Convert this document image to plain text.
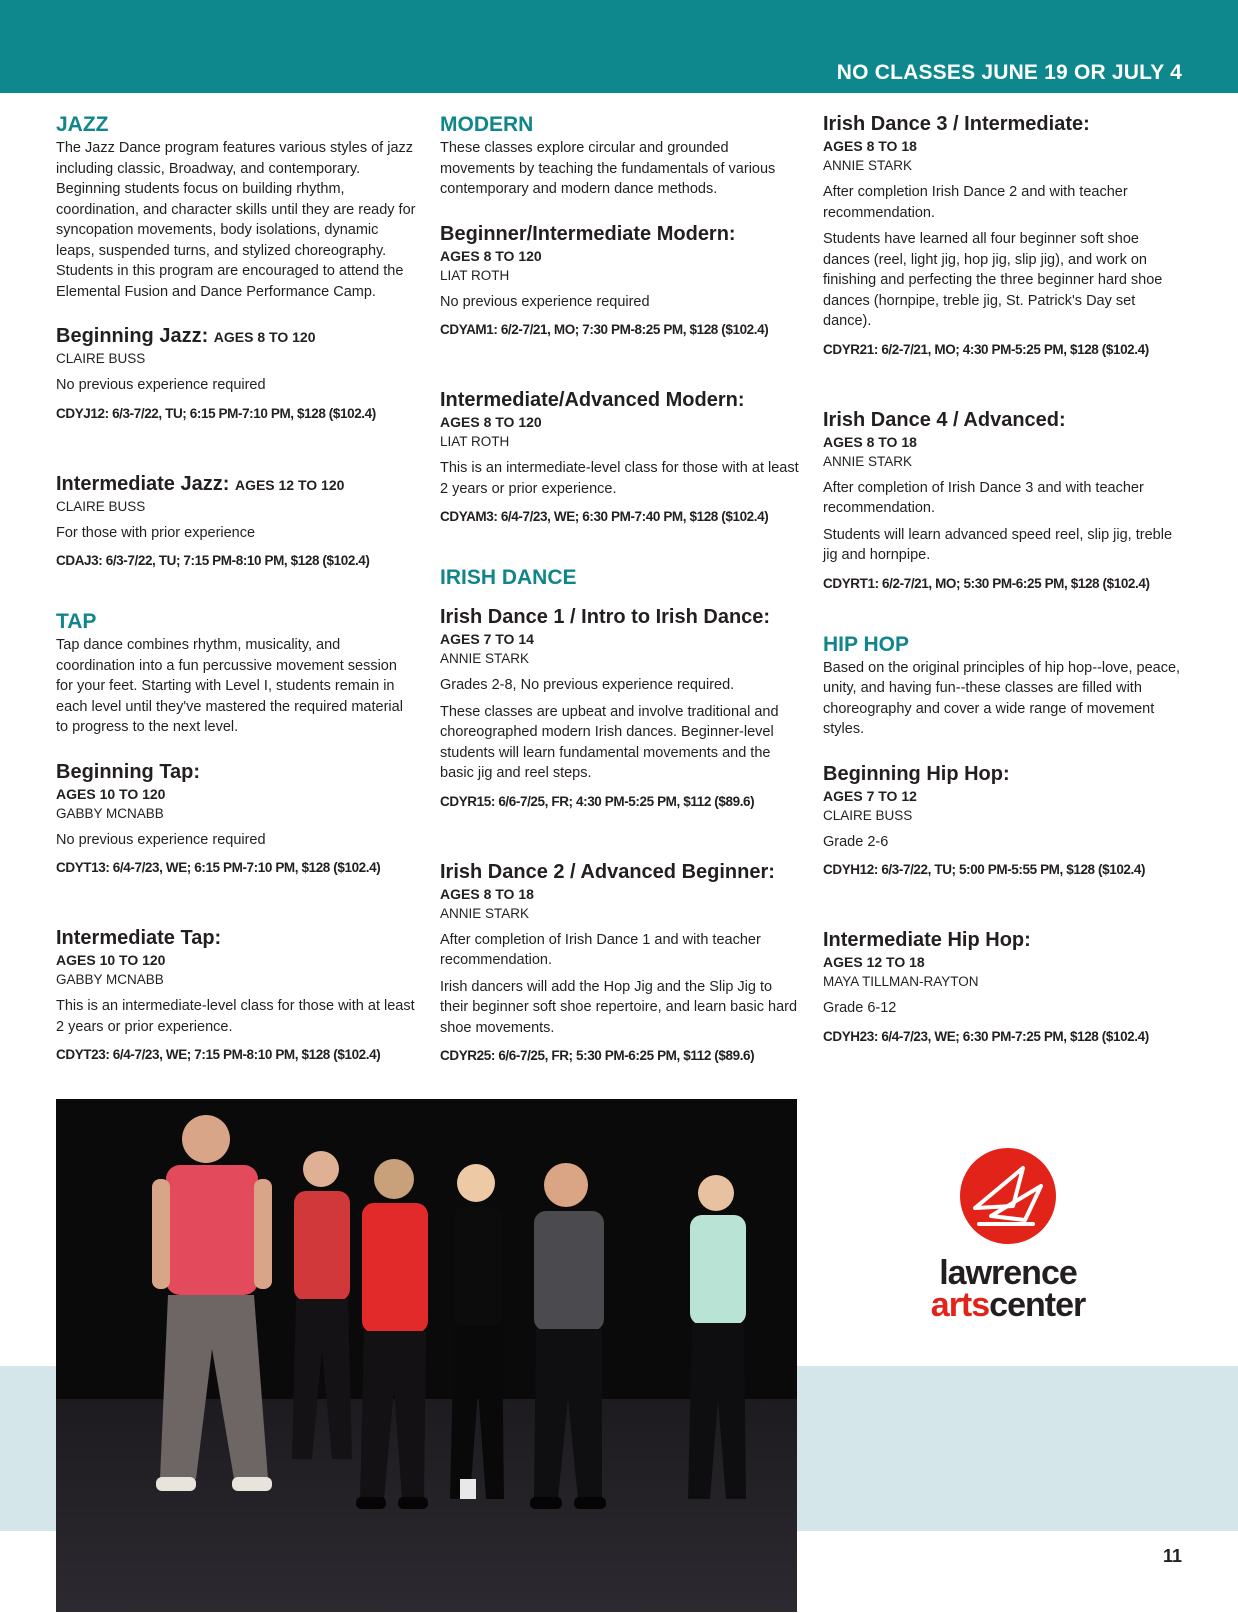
NO CLASSES JUNE 19 OR JULY 4
JAZZ

The Jazz Dance program features various styles of jazz including classic, Broadway, and contemporary. Beginning students focus on building rhythm, coordination, and character skills until they are ready for syncopation movements, body isolations, dynamic leaps, suspended turns, and stylized choreography. Students in this program are encouraged to attend the Elemental Fusion and Dance Performance Camp.

Beginning Jazz: AGES 8 TO 120

CLAIRE BUSS

No previous experience required

CDYJ12: 6/3-7/22, TU; 6:15 PM-7:10 PM, $128 ($102.4)

Intermediate Jazz: AGES 12 TO 120

CLAIRE BUSS

For those with prior experience

CDAJ3: 6/3-7/22, TU; 7:15 PM-8:10 PM, $128 ($102.4)

TAP

Tap dance combines rhythm, musicality, and coordination into a fun percussive movement session for your feet. Starting with Level I, students remain in each level until they've mastered the required material to progress to the next level.

Beginning Tap:

AGES 10 TO 120

GABBY MCNABB

No previous experience required

CDYT13: 6/4-7/23, WE; 6:15 PM-7:10 PM, $128 ($102.4)

Intermediate Tap:

AGES 10 TO 120

GABBY MCNABB

This is an intermediate-level class for those with at least 2 years or prior experience.

CDYT23: 6/4-7/23, WE; 7:15 PM-8:10 PM, $128 ($102.4)

MODERN

These classes explore circular and grounded movements by teaching the fundamentals of various contemporary and modern dance methods.

Beginner/Intermediate Modern:

AGES 8 TO 120

LIAT ROTH

No previous experience required

CDYAM1: 6/2-7/21, MO; 7:30 PM-8:25 PM, $128 ($102.4)

Intermediate/Advanced Modern:

AGES 8 TO 120

LIAT ROTH

This is an intermediate-level class for those with at least 2 years or prior experience.

CDYAM3: 6/4-7/23, WE; 6:30 PM-7:40 PM, $128 ($102.4)

IRISH DANCE

Irish Dance 1 / Intro to Irish Dance:

AGES 7 TO 14

ANNIE STARK

Grades 2-8, No previous experience required.

These classes are upbeat and involve traditional and choreographed modern Irish dances. Beginner-level students will learn fundamental movements and the basic jig and reel steps.

CDYR15: 6/6-7/25, FR; 4:30 PM-5:25 PM, $112 ($89.6)

Irish Dance 2 / Advanced Beginner:

AGES 8 TO 18

ANNIE STARK

After completion of Irish Dance 1 and with teacher recommendation.

Irish dancers will add the Hop Jig and the Slip Jig to their beginner soft shoe repertoire, and learn basic hard shoe movements.

CDYR25: 6/6-7/25, FR; 5:30 PM-6:25 PM, $112 ($89.6)

Irish Dance 3 / Intermediate:

AGES 8 TO 18

ANNIE STARK

After completion Irish Dance 2 and with teacher recommendation.

Students have learned all four beginner soft shoe dances (reel, light jig, hop jig, slip jig), and work on finishing and perfecting the three beginner hard shoe dances (hornpipe, treble jig, St. Patrick's Day set dance).

CDYR21: 6/2-7/21, MO; 4:30 PM-5:25 PM, $128 ($102.4)

Irish Dance 4 / Advanced:

AGES 8 TO 18

ANNIE STARK

After completion of Irish Dance 3 and with teacher recommendation.

Students will learn advanced speed reel, slip jig, treble jig and hornpipe.

CDYRT1: 6/2-7/21, MO; 5:30 PM-6:25 PM, $128 ($102.4)

HIP HOP

Based on the original principles of hip hop--love, peace, unity, and having fun--these classes are filled with choreography and cover a wide range of movement styles.

Beginning Hip Hop:

AGES 7 TO 12

CLAIRE BUSS

Grade 2-6

CDYH12: 6/3-7/22, TU; 5:00 PM-5:55 PM, $128 ($102.4)

Intermediate Hip Hop:

AGES 12 TO 18

MAYA TILLMAN-RAYTON

Grade 6-12

CDYH23: 6/4-7/23, WE; 6:30 PM-7:25 PM, $128 ($102.4)

lawrence
artscenter
11
